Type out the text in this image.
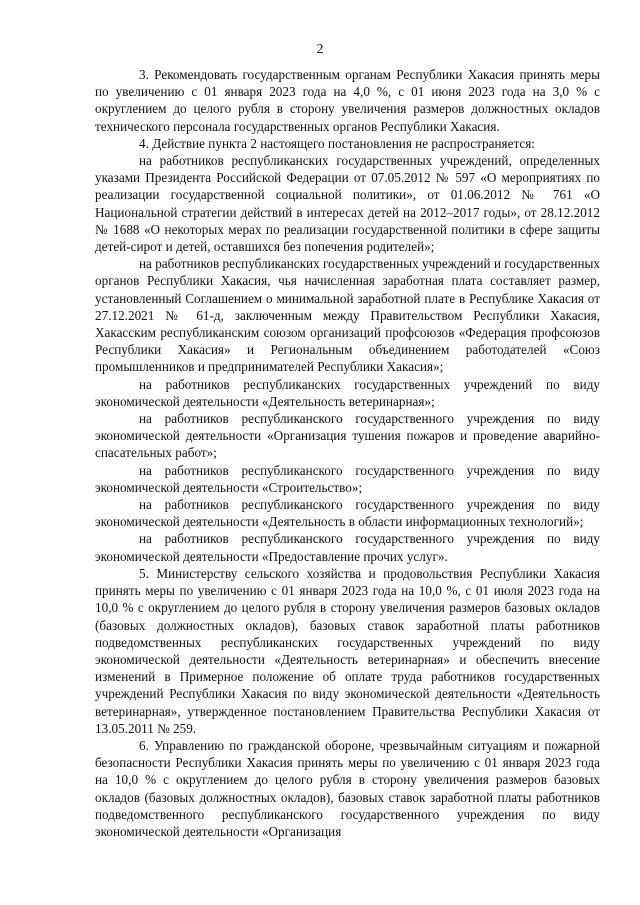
2

3. Рекомендовать государственным органам Республики Хакасия принять меры по увеличению с 01 января 2023 года на 4,0 %, с 01 июня 2023 года на 3,0 % с округлением до целого рубля в сторону увеличения размеров должностных окладов технического персонала государственных органов Республики Хакасия.

4. Действие пункта 2 настоящего постановления не распространяется:

на работников республиканских государственных учреждений, определенных указами Президента Российской Федерации от 07.05.2012 № 597 «О мероприятиях по реализации государственной социальной политики», от 01.06.2012 № 761 «О Национальной стратегии действий в интересах детей на 2012–2017 годы», от 28.12.2012 № 1688 «О некоторых мерах по реализации государственной политики в сфере защиты детей-сирот и детей, оставшихся без попечения родителей»;

на работников республиканских государственных учреждений и государственных органов Республики Хакасия, чья начисленная заработная плата составляет размер, установленный Соглашением о минимальной заработной плате в Республике Хакасия от 27.12.2021 № 61-д, заключенным между Правительством Республики Хакасия, Хакасским республиканским союзом организаций профсоюзов «Федерация профсоюзов Республики Хакасия» и Региональным объединением работодателей «Союз промышленников и предпринимателей Республики Хакасия»;

на работников республиканских государственных учреждений по виду экономической деятельности «Деятельность ветеринарная»;

на работников республиканского государственного учреждения по виду экономической деятельности «Организация тушения пожаров и проведение аварийно-спасательных работ»;

на работников республиканского государственного учреждения по виду экономической деятельности «Строительство»;

на работников республиканского государственного учреждения по виду экономической деятельности «Деятельность в области информационных технологий»;

на работников республиканского государственного учреждения по виду экономической деятельности «Предоставление прочих услуг».

5. Министерству сельского хозяйства и продовольствия Республики Хакасия принять меры по увеличению с 01 января 2023 года на 10,0 %, с 01 июля 2023 года на 10,0 % с округлением до целого рубля в сторону увеличения размеров базовых окладов (базовых должностных окладов), базовых ставок заработной платы работников подведомственных республиканских государственных учреждений по виду экономической деятельности «Деятельность ветеринарная» и обеспечить внесение изменений в Примерное положение об оплате труда работников государственных учреждений Республики Хакасия по виду экономической деятельности «Деятельность ветеринарная», утвержденное постановлением Правительства Республики Хакасия от 13.05.2011 № 259.

6. Управлению по гражданской обороне, чрезвычайным ситуациям и пожарной безопасности Республики Хакасия принять меры по увеличению с 01 января 2023 года на 10,0 % с округлением до целого рубля в сторону увеличения размеров базовых окладов (базовых должностных окладов), базовых ставок заработной платы работников подведомственного республиканского государственного учреждения по виду экономической деятельности «Организация
